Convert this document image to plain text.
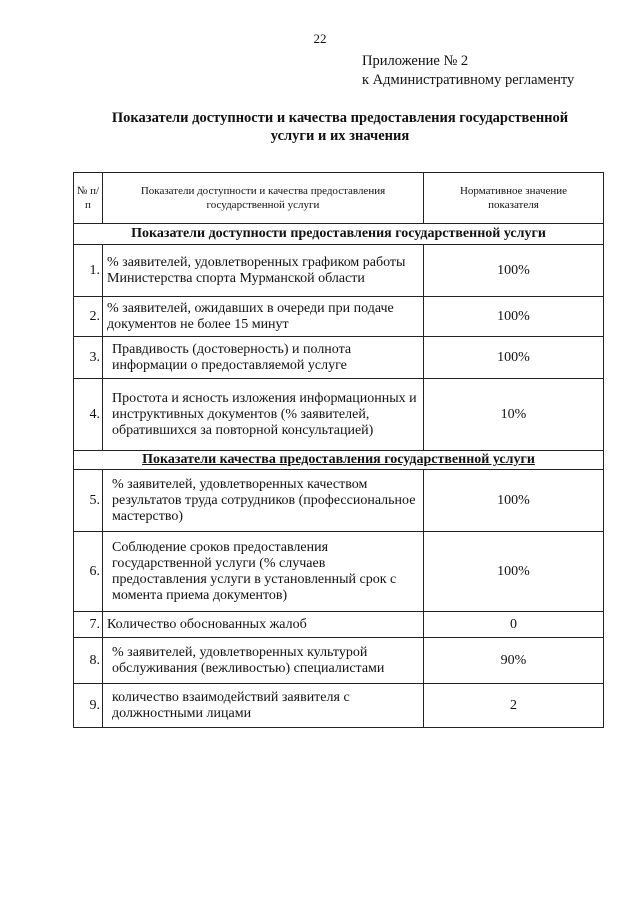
22
Приложение № 2
к Административному регламенту
Показатели доступности и качества предоставления государственной
услуги и их значения
№ п/п	Показатели доступности и качества предоставления государственной услуги	Нормативное значение показателя
Показатели доступности предоставления государственной услуги		
1.	% заявителей, удовлетворенных графиком работы Министерства спорта Мурманской области	100%
2.	% заявителей, ожидавших в очереди при подаче документов не более 15 минут	100%
3.	Правдивость (достоверность) и полнота информации о предоставляемой услуге	100%
4.	Простота и ясность изложения информационных и инструктивных документов (% заявителей, обратившихся за повторной консультацией)	10%
Показатели качества предоставления государственной услуги		
5.	% заявителей, удовлетворенных качеством результатов труда сотрудников (профессиональное мастерство)	100%
6.	Соблюдение сроков предоставления государственной услуги (% случаев предоставления услуги в установленный срок с момента приема документов)	100%
7.	Количество обоснованных жалоб	0
8.	% заявителей, удовлетворенных культурой обслуживания (вежливостью) специалистами	90%
9.	количество взаимодействий заявителя с должностными лицами	2
